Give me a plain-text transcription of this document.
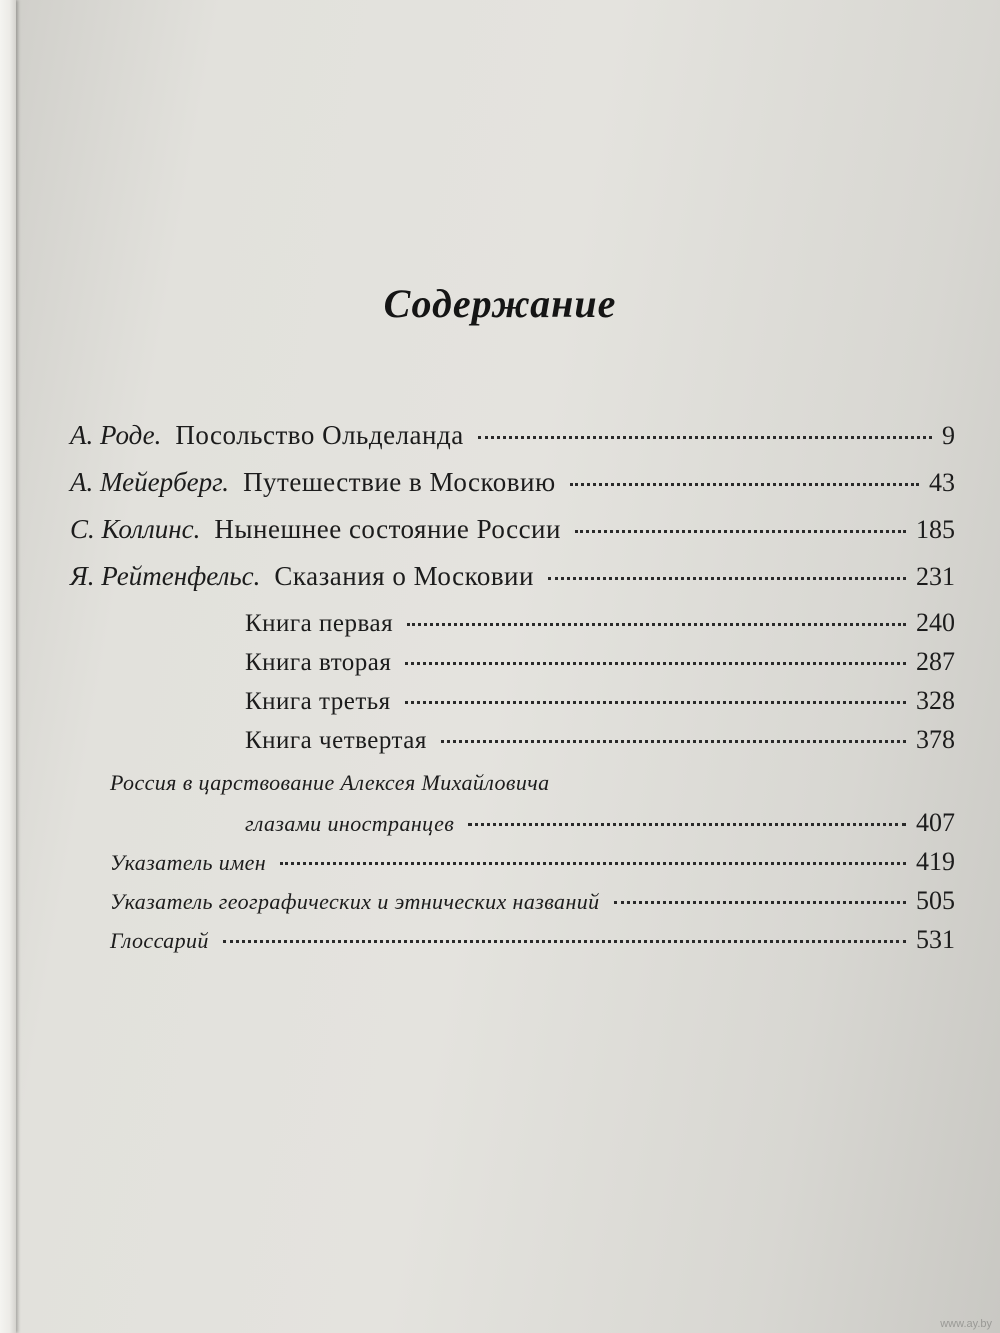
Содержание
А. Роде. Посольство Ольделанда	9
А. Мейерберг. Путешествие в Московию	43
С. Коллинс. Нынешнее состояние России	185
Я. Рейтенфельс. Сказания о Московии	231
Книга первая	240
Книга вторая	287
Книга третья	328
Книга четвертая	378
Россия в царствование Алексея Михайловича
глазами иностранцев	407
Указатель имен	419
Указатель географических и этнических названий	505
Глоссарий	531
www.ay.by
